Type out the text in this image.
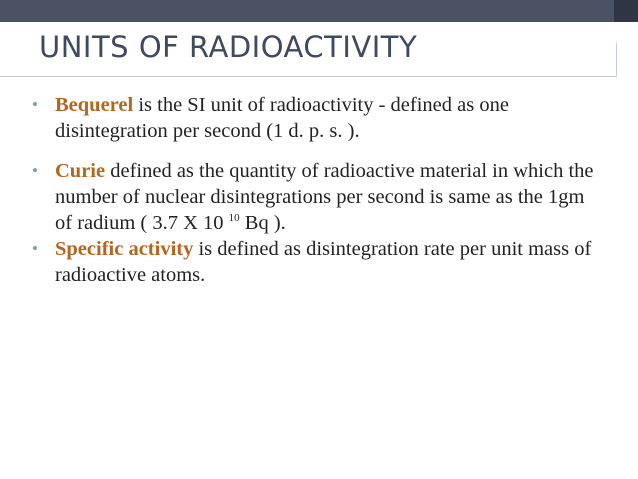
UNITS OF RADIOACTIVITY
• Bequerel is the SI unit of radioactivity - defined as one disintegration per second (1 d. p. s. ).
• Curie defined as the quantity of radioactive material in which the number of nuclear disintegrations per second is same as the 1gm of radium ( 3.7 X 10 $^{10}$ Bq ).
• Specific activity is defined as disintegration rate per unit mass of radioactive atoms.
